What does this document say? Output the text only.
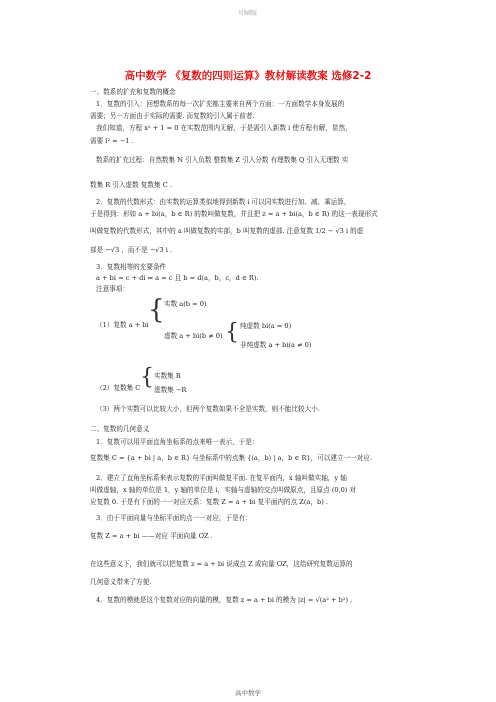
印刷版
高中数学 《复数的四则运算》教材解读教案 选修2-2
一、数系的扩充和复数的概念
1．复数的引入：回想数系的每一次扩充都主要来自两个方面：一方面数学本身发展的
需要；另一方面由于实际的需要. 而复数的引入属于前者.
我们知道，方程 x² + 1 = 0 在实数范围内无解，于是需引入新数 i 使方程有解，显然，
需要 i² = −1 .
数系的扩充过程：自然数集 N 引入负数 整数集 Z 引入分数 有理数集 Q 引入无理数 实
数集 R 引入虚数 复数集 C .
2．复数的代数形式：由实数的运算类似地得到新数 i 可以同实数进行加、减、乘运算，
于是得到：形如 a + bi(a，b ∈ R) 的数叫做复数，并且把 z = a + bi(a，b ∈ R) 的这一表现形式
叫做复数的代数形式，其中的 a 叫做复数的实部，b 叫复数的虚部. 注意复数 1/2 − √3 i 的虚
部是 −√3 ，而不是 −√3 i .
3．复数相等的充要条件
a + bi = c + di ⇔ a = c 且 b = d(a，b，c，d ∈ R).
注意事项：
（1）复数 a + bi { 实数 a(b = 0)
{ 纯虚数 bi(a = 0)
虚数 a + bi(b ≠ 0)
非纯虚数 a + bi(a ≠ 0)
（2）复数集 C { 实数集 R
虚数集 −R
（3）两个实数可以比较大小，但两个复数如果不全是实数，则不能比较大小.
二、复数的几何意义
1．复数可以用平面直角坐标系的点来唯一表示，于是：
复数集 C = {a + bi | a，b ∈ R} 与坐标系中的点集 {(a，b) | a，b ∈ R}，可以建立一一对应.
2．建立了直角坐标系来表示复数的平面叫做复平面. 在复平面内，x 轴叫做实轴，y 轴
叫做虚轴，x 轴的单位是 1，y 轴的单位是 i，实轴与虚轴的交点叫做原点，且原点 (0,0) 对
应复数 0. 于是有下面的一一对应关系：复数 Z = a + bi 复平面内的点 Z(a，b) .
3．由于平面向量与坐标平面的点一一对应，于是有：
复数 Z = a + bi ——对应 平面向量 OZ .
在这些意义下，我们就可以把复数 z = a + bi 说成点 Z 或向量 OZ，这给研究复数运算的
几何意义带来了方便.
4．复数的模就是这个复数对应的向量的模，复数 z = a + bi 的模为 |z| = √(a² + b²) .
高中数学
